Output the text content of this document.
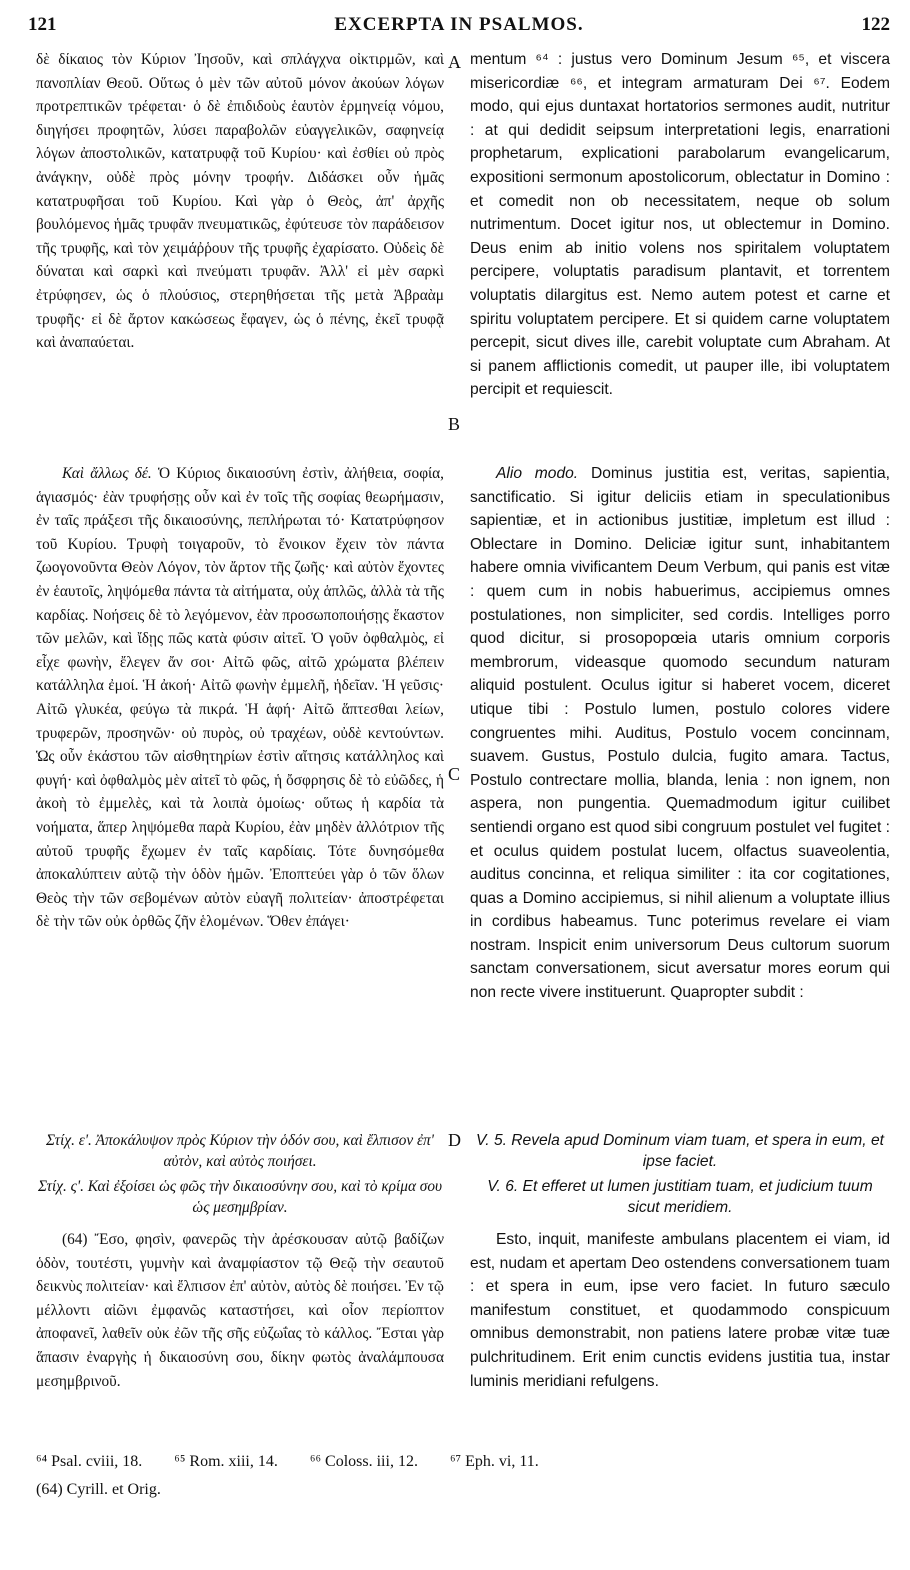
121	EXCERPTA IN PSALMOS.	122
A
B
C
D

δὲ δίκαιος τὸν Κύριον Ἰησοῦν, καὶ σπλάγχνα οἰκτιρμῶν, καὶ πανοπλίαν Θεοῦ. Οὕτως ὁ μὲν τῶν αὐτοῦ μόνον ἀκούων λόγων προτρεπτικῶν τρέφεται· ὁ δὲ ἐπιδιδοὺς ἑαυτὸν ἑρμηνείᾳ νόμου, διηγήσει προφητῶν, λύσει παραβολῶν εὐαγγελικῶν, σαφηνείᾳ λόγων ἀποστολικῶν, κατατρυφᾷ τοῦ Κυρίου· καὶ ἐσθίει οὐ πρὸς ἀνάγκην, οὐδὲ πρὸς μόνην τροφήν. Διδάσκει οὖν ἡμᾶς κατατρυφῆσαι τοῦ Κυρίου. Καὶ γὰρ ὁ Θεὸς, ἀπ' ἀρχῆς βουλόμενος ἡμᾶς τρυφᾶν πνευματικῶς, ἐφύτευσε τὸν παράδεισον τῆς τρυφῆς, καὶ τὸν χειμάῤῥουν τῆς τρυφῆς ἐχαρίσατο. Οὐδεὶς δὲ δύναται καὶ σαρκὶ καὶ πνεύματι τρυφᾶν. Ἀλλ' εἰ μὲν σαρκὶ ἐτρύφησεν, ὡς ὁ πλούσιος, στερηθήσεται τῆς μετὰ Ἀβραὰμ τρυφῆς· εἰ δὲ ἄρτον κακώσεως ἔφαγεν, ὡς ὁ πένης, ἐκεῖ τρυφᾷ καὶ ἀναπαύεται.

Καὶ ἄλλως δέ. Ὁ Κύριος δικαιοσύνη ἐστὶν, ἀλήθεια, σοφία, ἁγιασμός· ἐὰν τρυφήσῃς οὖν καὶ ἐν τοῖς τῆς σοφίας θεωρήμασιν, ἐν ταῖς πράξεσι τῆς δικαιοσύνης, πεπλήρωται τό· Κατατρύφησον τοῦ Κυρίου. Τρυφὴ τοιγαροῦν, τὸ ἔνοικον ἔχειν τὸν πάντα ζωογονοῦντα Θεὸν Λόγον, τὸν ἄρτον τῆς ζωῆς· καὶ αὐτὸν ἔχοντες ἐν ἑαυτοῖς, ληψόμεθα πάντα τὰ αἰτήματα, οὐχ ἁπλῶς, ἀλλὰ τὰ τῆς καρδίας. Νοήσεις δὲ τὸ λεγόμενον, ἐὰν προσωποποιήσῃς ἕκαστον τῶν μελῶν, καὶ ἴδῃς πῶς κατὰ φύσιν αἰτεῖ. Ὁ γοῦν ὀφθαλμὸς, εἰ εἶχε φωνὴν, ἔλεγεν ἄν σοι· Αἰτῶ φῶς, αἰτῶ χρώματα βλέπειν κατάλληλα ἐμοί. Ἡ ἀκοή· Αἰτῶ φωνὴν ἐμμελῆ, ἡδεῖαν. Ἡ γεῦσις· Αἰτῶ γλυκέα, φεύγω τὰ πικρά. Ἡ ἁφή· Αἰτῶ ἅπτεσθαι λείων, τρυφερῶν, προσηνῶν· οὐ πυρὸς, οὐ τραχέων, οὐδὲ κεντούντων. Ὡς οὖν ἑκάστου τῶν αἰσθητηρίων ἐστὶν αἴτησις κατάλληλος καὶ φυγή· καὶ ὀφθαλμὸς μὲν αἰτεῖ τὸ φῶς, ἡ ὄσφρησις δὲ τὸ εὐῶδες, ἡ ἀκοὴ τὸ ἐμμελὲς, καὶ τὰ λοιπὰ ὁμοίως· οὕτως ἡ καρδία τὰ νοήματα, ἅπερ ληψόμεθα παρὰ Κυρίου, ἐὰν μηδὲν ἀλλότριον τῆς αὐτοῦ τρυφῆς ἔχωμεν ἐν ταῖς καρδίαις. Τότε δυνησόμεθα ἀποκαλύπτειν αὐτῷ τὴν ὁδὸν ἡμῶν. Ἐποπτεύει γὰρ ὁ τῶν ὅλων Θεὸς τὴν τῶν σεβομένων αὐτὸν εὐαγῆ πολιτείαν· ἀποστρέφεται δὲ τὴν τῶν οὐκ ὀρθῶς ζῆν ἑλομένων. Ὅθεν ἐπάγει·

Στίχ. ε'. Ἀποκάλυψον πρὸς Κύριον τὴν ὁδόν σου, καὶ ἔλπισον ἐπ' αὐτὸν, καὶ αὐτὸς ποιήσει.

Στίχ. ς'. Καὶ ἐξοίσει ὡς φῶς τὴν δικαιοσύνην σου, καὶ τὸ κρίμα σου ὡς μεσημβρίαν.

(64) Ἔσο, φησὶν, φανερῶς τὴν ἀρέσκουσαν αὐτῷ βαδίζων ὁδὸν, τουτέστι, γυμνὴν καὶ ἀναμφίαστον τῷ Θεῷ τὴν σεαυτοῦ δεικνὺς πολιτείαν· καὶ ἔλπισον ἐπ' αὐτὸν, αὐτὸς δὲ ποιήσει. Ἐν τῷ μέλλοντι αἰῶνι ἐμφανῶς καταστήσει, καὶ οἷον περίοπτον ἀποφανεῖ, λαθεῖν οὐκ ἐῶν τῆς σῆς εὐζωΐας τὸ κάλλος. Ἔσται γὰρ ἅπασιν ἐναργὴς ἡ δικαιοσύνη σου, δίκην φωτὸς ἀναλάμπουσα μεσημβρινοῦ.

mentum ⁶⁴ : justus vero Dominum Jesum ⁶⁵, et viscera misericordiæ ⁶⁶, et integram armaturam Dei ⁶⁷. Eodem modo, qui ejus duntaxat hortatorios sermones audit, nutritur : at qui dedidit seipsum interpretationi legis, enarrationi prophetarum, explicationi parabolarum evangelicarum, expositioni sermonum apostolicorum, oblectatur in Domino : et comedit non ob necessitatem, neque ob solum nutrimentum. Docet igitur nos, ut oblectemur in Domino. Deus enim ab initio volens nos spiritalem voluptatem percipere, voluptatis paradisum plantavit, et torrentem voluptatis dilargitus est. Nemo autem potest et carne et spiritu voluptatem percipere. Et si quidem carne voluptatem percepit, sicut dives ille, carebit voluptate cum Abraham. At si panem afflictionis comedit, ut pauper ille, ibi voluptatem percipit et requiescit.

Alio modo. Dominus justitia est, veritas, sapientia, sanctificatio. Si igitur deliciis etiam in speculationibus sapientiæ, et in actionibus justitiæ, impletum est illud : Oblectare in Domino. Deliciæ igitur sunt, inhabitantem habere omnia vivificantem Deum Verbum, qui panis est vitæ : quem cum in nobis habuerimus, accipiemus omnes postulationes, non simpliciter, sed cordis. Intelliges porro quod dicitur, si prosopopœia utaris omnium corporis membrorum, videasque quomodo secundum naturam aliquid postulent. Oculus igitur si haberet vocem, diceret utique tibi : Postulo lumen, postulo colores videre congruentes mihi. Auditus, Postulo vocem concinnam, suavem. Gustus, Postulo dulcia, fugito amara. Tactus, Postulo contrectare mollia, blanda, lenia : non ignem, non aspera, non pungentia. Quemadmodum igitur cuilibet sentiendi organo est quod sibi congruum postulet vel fugitet : et oculus quidem postulat lucem, olfactus suaveolentia, auditus concinna, et reliqua similiter : ita cor cogitationes, quas a Domino accipiemus, si nihil alienum a voluptate illius in cordibus habeamus. Tunc poterimus revelare ei viam nostram. Inspicit enim universorum Deus cultorum suorum sanctam conversationem, sicut aversatur mores eorum qui non recte vivere instituerunt. Quapropter subdit :

V. 5. Revela apud Dominum viam tuam, et spera in eum, et ipse faciet.

V. 6. Et efferet ut lumen justitiam tuam, et judicium tuum sicut meridiem.

Esto, inquit, manifeste ambulans placentem ei viam, id est, nudam et apertam Deo ostendens conversationem tuam : et spera in eum, ipse vero faciet. In futuro sæculo manifestum constituet, et quodammodo conspicuum omnibus demonstrabit, non patiens latere probæ vitæ tuæ pulchritudinem. Erit enim cunctis evidens justitia tua, instar luminis meridiani refulgens.

⁶⁴ Psal. cviii, 18. ⁶⁵ Rom. xiii, 14. ⁶⁶ Coloss. iii, 12. ⁶⁷ Eph. vi, 11.
(64) Cyrill. et Orig.
